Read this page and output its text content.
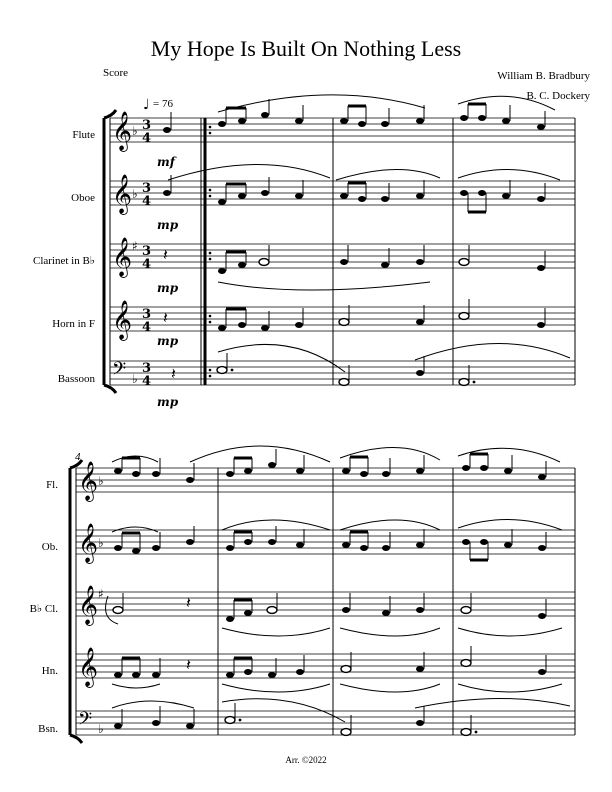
My Hope Is Built On Nothing Less
Score	William B. Bradbury
B. C. Dockery
♩ = 76
Flute
Oboe
Clarinet in B♭
Horn in F
Bassoon
𝄞
𝄞
𝄞
𝄞
𝄢
♭
♭
♯
♭
3
4
3
4
3
4
3
4
3
4
mf
mp
mp
mp
mp
𝄽
𝄽
𝄽
4
Fl.
Ob.
B♭ Cl.
Hn.
Bsn.
𝄞
𝄞
𝄞
𝄞
𝄢
♭
♭
♯
♭
𝄽
𝄽
Arr. ©2022
